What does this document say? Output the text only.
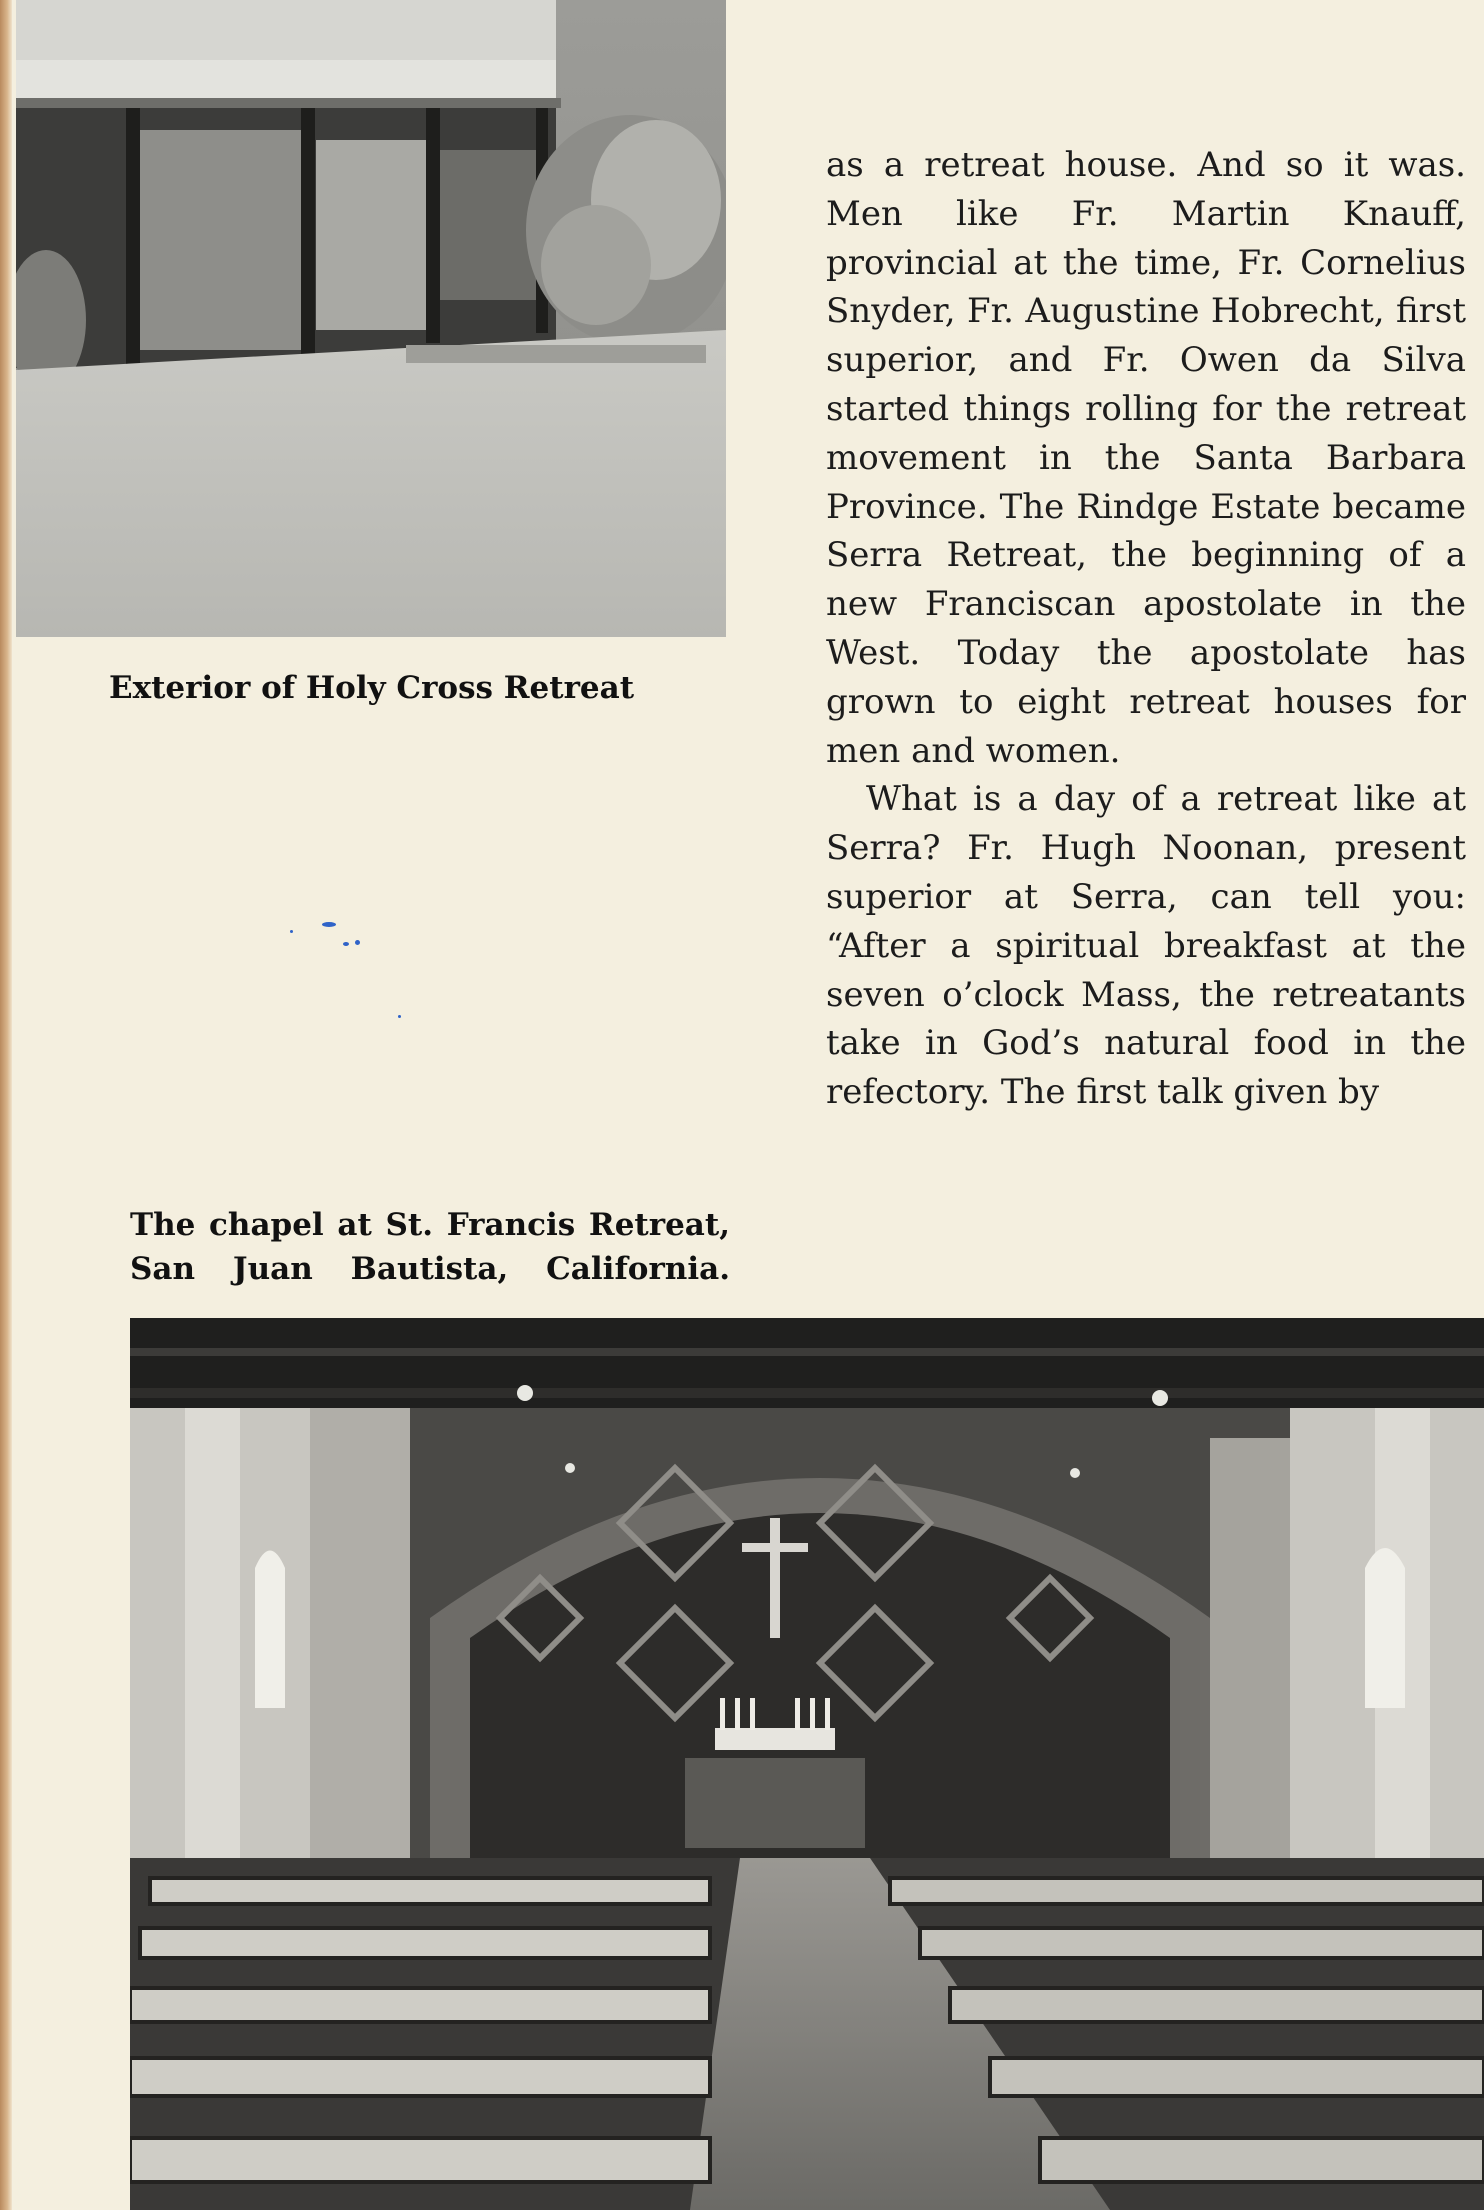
Exterior of Holy Cross Retreat

as a retreat house. And so it was. Men like Fr. Martin Knauff, provincial at the time, Fr. Cornelius Snyder, Fr. Augustine Hobrecht, first superior, and Fr. Owen da Silva started things rolling for the retreat movement in the Santa Barbara Province. The Rindge Estate became Serra Retreat, the beginning of a new Franciscan apostolate in the West. Today the apostolate has grown to eight retreat houses for men and women.

What is a day of a retreat like at Serra? Fr. Hugh Noonan, present superior at Serra, can tell you: “After a spiritual breakfast at the seven o’clock Mass, the retreatants take in God’s natural food in the refectory. The first talk given by

The chapel at St. Francis Retreat,
San Juan Bautista, California.
